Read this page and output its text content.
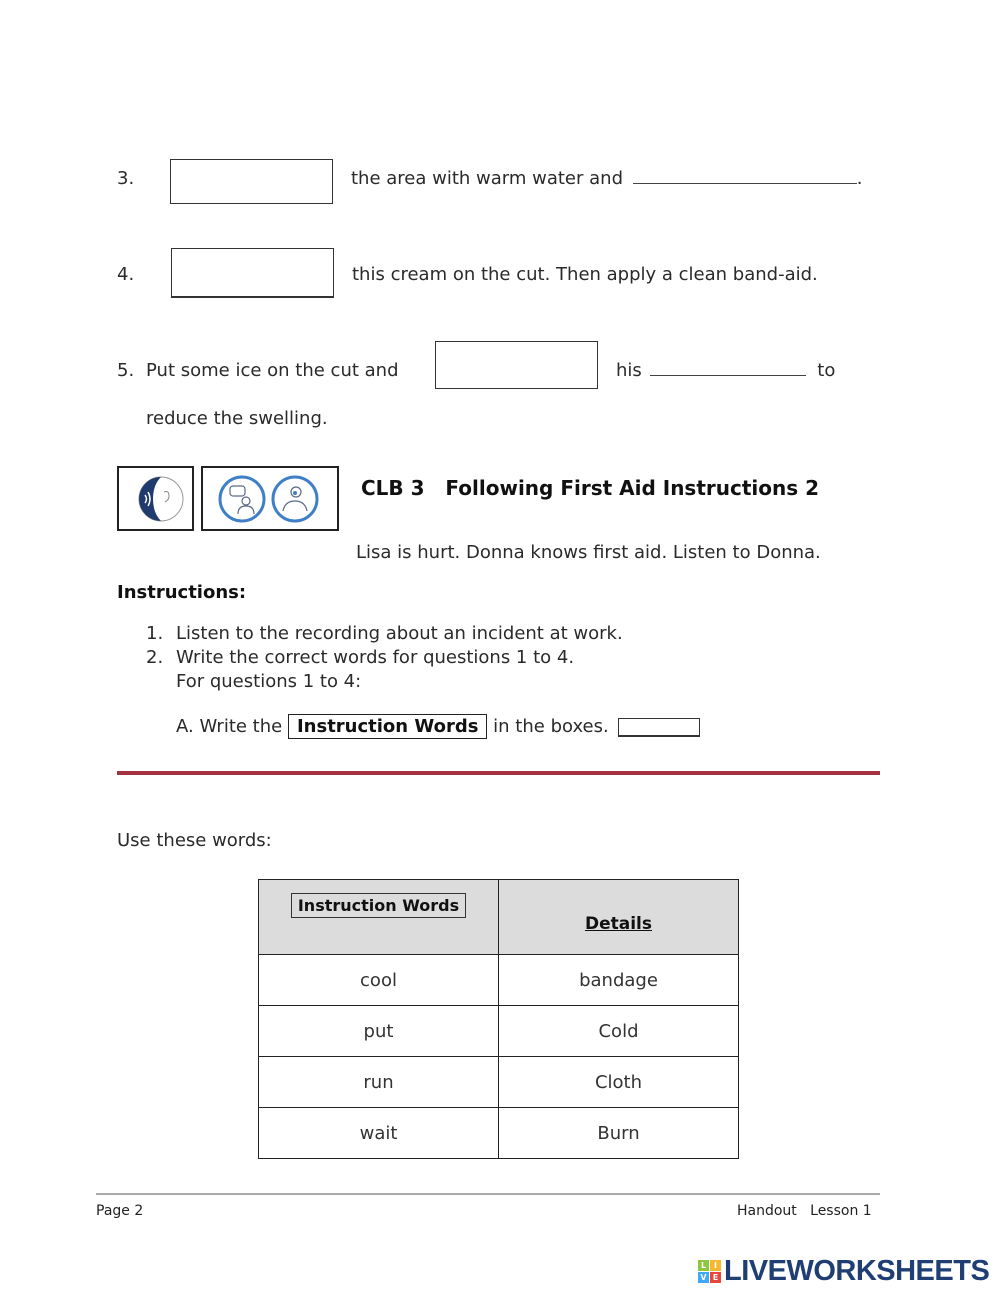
3.	the area with warm water and	.
4.	this cream on the cut. Then apply a clean band-aid.
5. Put some ice on the cut and	his	to
reduce the swelling.
CLB 3   Following First Aid Instructions 2
Lisa is hurt. Donna knows first aid. Listen to Donna.
Instructions:
1. Listen to the recording about an incident at work.
2. Write the correct words for questions 1 to 4.
For questions 1 to 4:
A. Write the Instruction Words in the boxes.
Use these words:
Instruction Words	Details
cool	bandage
put	Cold
run	Cloth
wait	Burn
Page 2	Handout   Lesson 1
L I
V E LIVEWORKSHEETS
